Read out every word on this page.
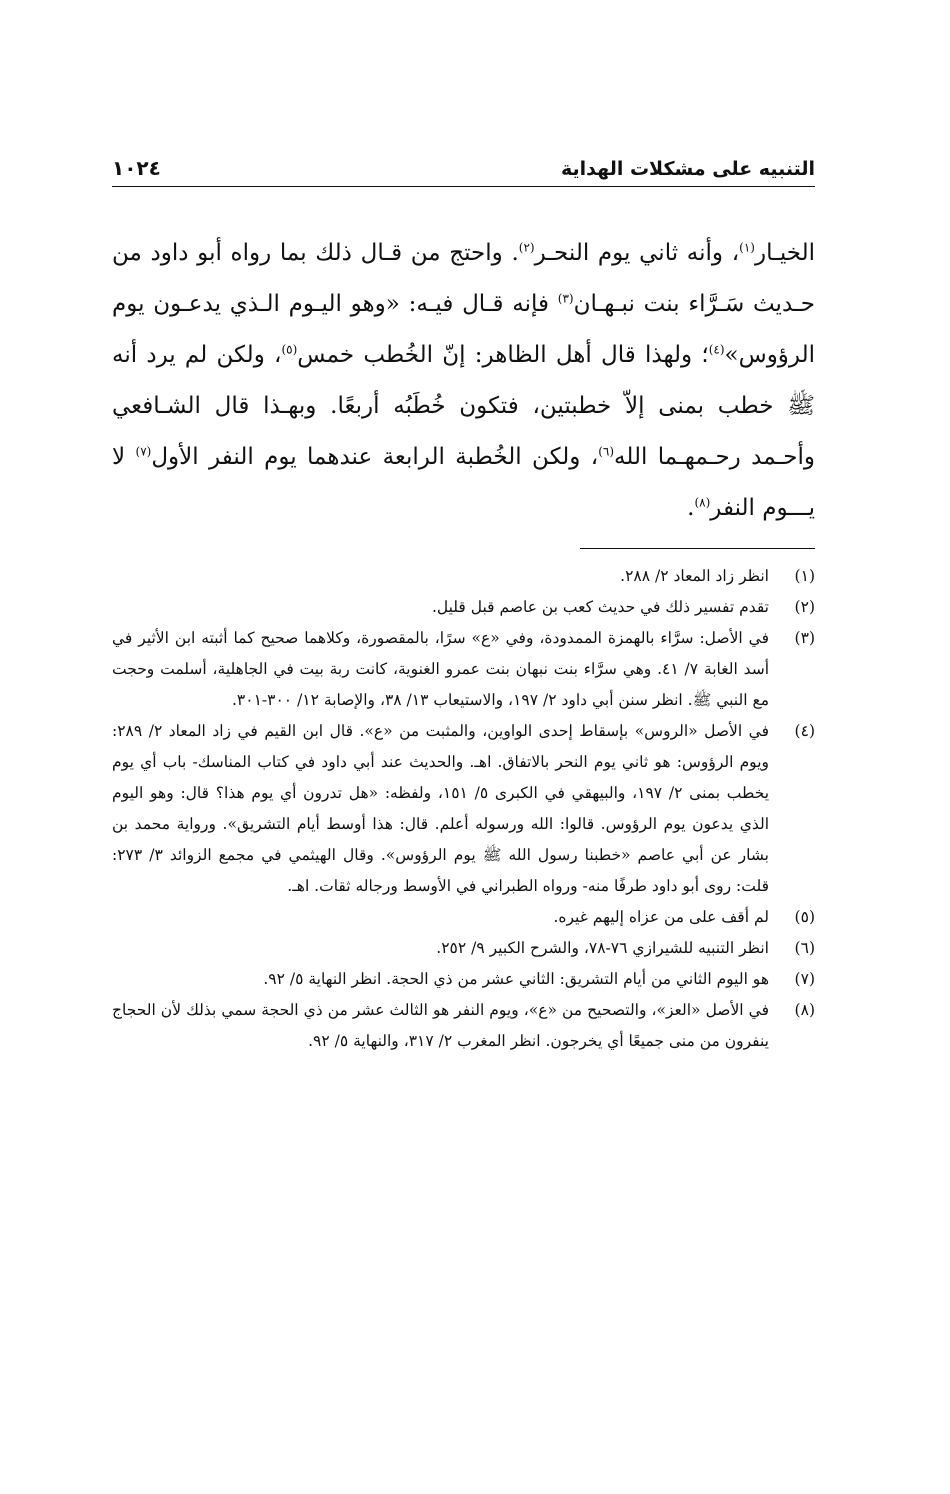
التنبيه على مشكلات الهداية
١٠٢٤

الخيـار$^{(١)}$، وأنه ثاني يوم النحـر$^{(٢)}$. واحتج من قـال ذلك بما رواه أبو داود من حـديث سَـرَّاء بنت نبـهـان$^{(٣)}$ فإنه قـال فيـه: «وهو اليـوم الـذي يدعـون يوم الرؤوس»$^{(٤)}$؛ ولهذا قال أهل الظاهر: إنّ الخُطب خمس$^{(٥)}$، ولكن لم يرد أنه ﷺ خطب بمنى إلاّ خطبتين، فتكون خُطَبُه أربعًا. وبهـذا قال الشـافعي وأحـمد رحـمهـما الله$^{(٦)}$، ولكن الخُطبة الرابعة عندهما يوم النفر الأول$^{(٧)}$ لا يـــوم النفر$^{(٨)}$.

(١)
انظر زاد المعاد ٢/ ٢٨٨.
(٢)
تقدم تفسير ذلك في حديث كعب بن عاصم قبل قليل.
(٣)
في الأصل: سرَّاء بالهمزة الممدودة، وفي «ع» سرًا، بالمقصورة، وكلاهما صحيح كما أثبته ابن الأثير في أسد الغابة ٧/ ٤١. وهي سرَّاء بنت نبهان بنت عمرو الغنوية، كانت ربة بيت في الجاهلية، أسلمت وحجت مع النبي ﷺ. انظر سنن أبي داود ٢/ ١٩٧، والاستيعاب ١٣/ ٣٨، والإصابة ١٢/ ٣٠٠-٣٠١.
(٤)
في الأصل «الروس» بإسقاط إحدى الواوين، والمثبت من «ع». قال ابن القيم في زاد المعاد ٢/ ٢٨٩: ويوم الرؤوس: هو ثاني يوم النحر بالاتفاق. اهـ. والحديث عند أبي داود في كتاب المناسك- باب أي يوم يخطب بمنى ٢/ ١٩٧، والبيهقي في الكبرى ٥/ ١٥١، ولفظه: «هل تدرون أي يوم هذا؟ قال: وهو اليوم الذي يدعون يوم الرؤوس. قالوا: الله ورسوله أعلم. قال: هذا أوسط أيام التشريق». ورواية محمد بن بشار عن أبي عاصم «خطبنا رسول الله ﷺ يوم الرؤوس». وقال الهيثمي في مجمع الزوائد ٣/ ٢٧٣: قلت: روى أبو داود طرفًا منه- ورواه الطبراني في الأوسط ورجاله ثقات. اهـ.
(٥)
لم أقف على من عزاه إليهم غيره.
(٦)
انظر التنبيه للشيرازي ٧٦-٧٨، والشرح الكبير ٩/ ٢٥٢.
(٧)
هو اليوم الثاني من أيام التشريق: الثاني عشر من ذي الحجة. انظر النهاية ٥/ ٩٢.
(٨)
في الأصل «العز»، والتصحيح من «ع»، ويوم النفر هو الثالث عشر من ذي الحجة سمي بذلك لأن الحجاج ينفرون من منى جميعًا أي يخرجون. انظر المغرب ٢/ ٣١٧، والنهاية ٥/ ٩٢.
